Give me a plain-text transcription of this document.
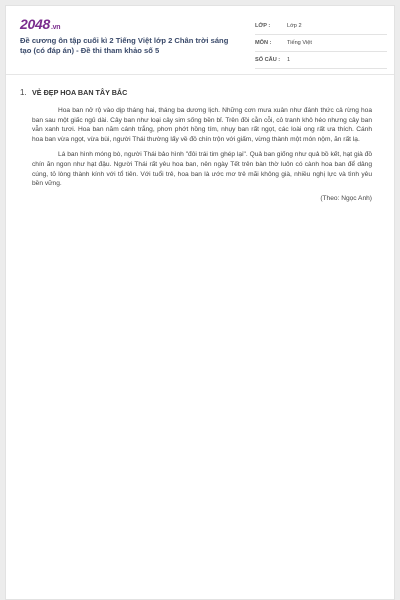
2048.vn
Đề cương ôn tập cuối kì 2 Tiếng Việt lớp 2 Chân trời sáng tạo (có đáp án) - Đề thi tham khảo số 5
LỚP :	Lớp 2
MÔN :	Tiếng Việt
SỐ CÂU :	1
1. VẺ ĐẸP HOA BAN TÂY BẮC

Hoa ban nở rộ vào dịp tháng hai, tháng ba dương lịch. Những cơn mưa xuân như đánh thức cả rừng hoa ban sau một giấc ngủ dài. Cây ban như loại cây sim sống bền bỉ. Trên đồi cằn cỗi, cỏ tranh khô héo nhưng cây ban vẫn xanh tươi. Hoa ban năm cánh trắng, phơn phớt hồng tím, nhụy ban rất ngọt, các loài ong rất ưa thích. Cánh hoa ban vừa ngọt, vừa bùi, người Thái thường lấy về đồ chín trộn với giấm, vừng thành một món nộm, ăn rất lạ.

Lá ban hình móng bò, người Thái bảo hình "đôi trái tim ghép lại". Quả ban giống như quả bồ kết, hạt già đồ chín ăn ngon như hạt đậu. Người Thái rất yêu hoa ban, nên ngày Tết trên bàn thờ luôn có cành hoa ban để dâng cúng, tỏ lòng thành kính với tổ tiên. Với tuổi trẻ, hoa ban là ước mơ trẻ mãi không già, nhiều nghị lực và tình yêu bền vững.

(Theo: Ngọc Anh)
